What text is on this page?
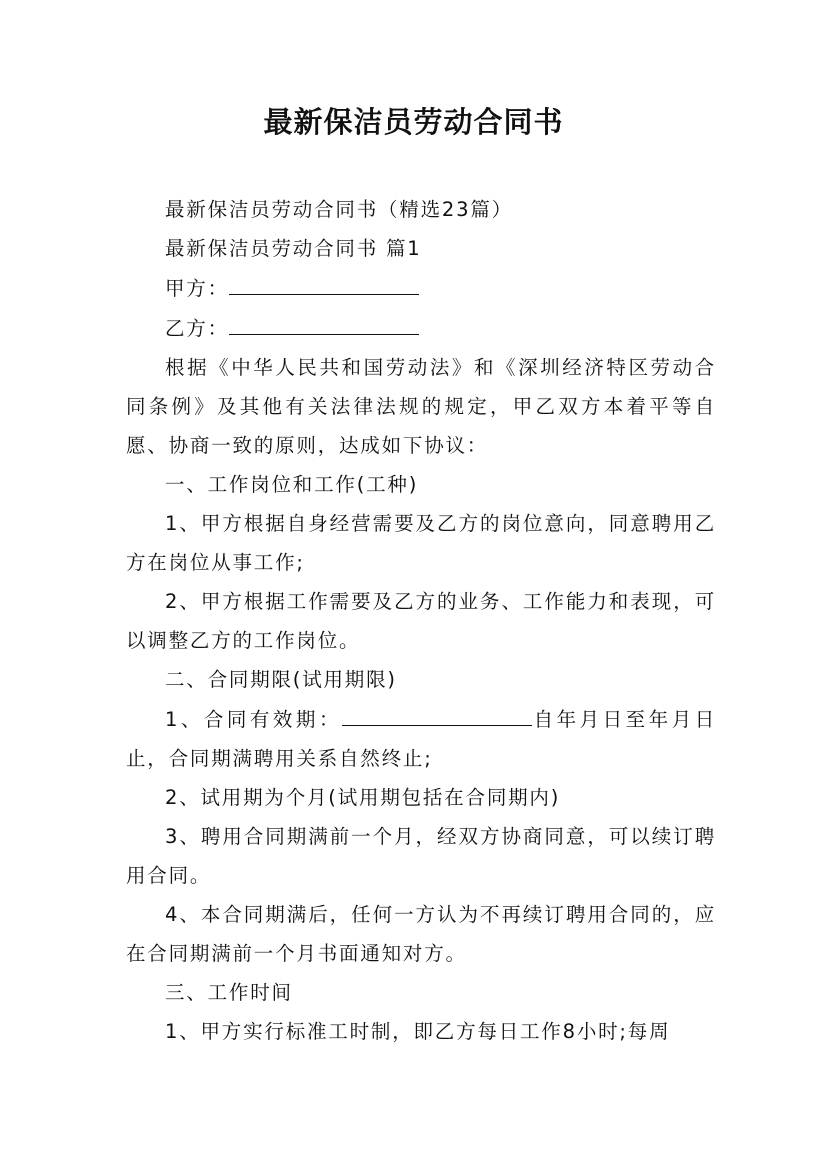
最新保洁员劳动合同书

最新保洁员劳动合同书（精选23篇）

最新保洁员劳动合同书 篇1

甲方：

乙方：

根据《中华人民共和国劳动法》和《深圳经济特区劳动合同条例》及其他有关法律法规的规定，甲乙双方本着平等自愿、协商一致的原则，达成如下协议：

一、工作岗位和工作(工种)

1、甲方根据自身经营需要及乙方的岗位意向，同意聘用乙方在岗位从事工作;

2、甲方根据工作需要及乙方的业务、工作能力和表现，可以调整乙方的工作岗位。

二、合同期限(试用期限)

1、合同有效期：	自年月日至年月日止，合同期满聘用关系自然终止;

2、试用期为个月(试用期包括在合同期内)

3、聘用合同期满前一个月，经双方协商同意，可以续订聘用合同。

4、本合同期满后，任何一方认为不再续订聘用合同的，应在合同期满前一个月书面通知对方。

三、工作时间

1、甲方实行标准工时制，即乙方每日工作8小时;每周
